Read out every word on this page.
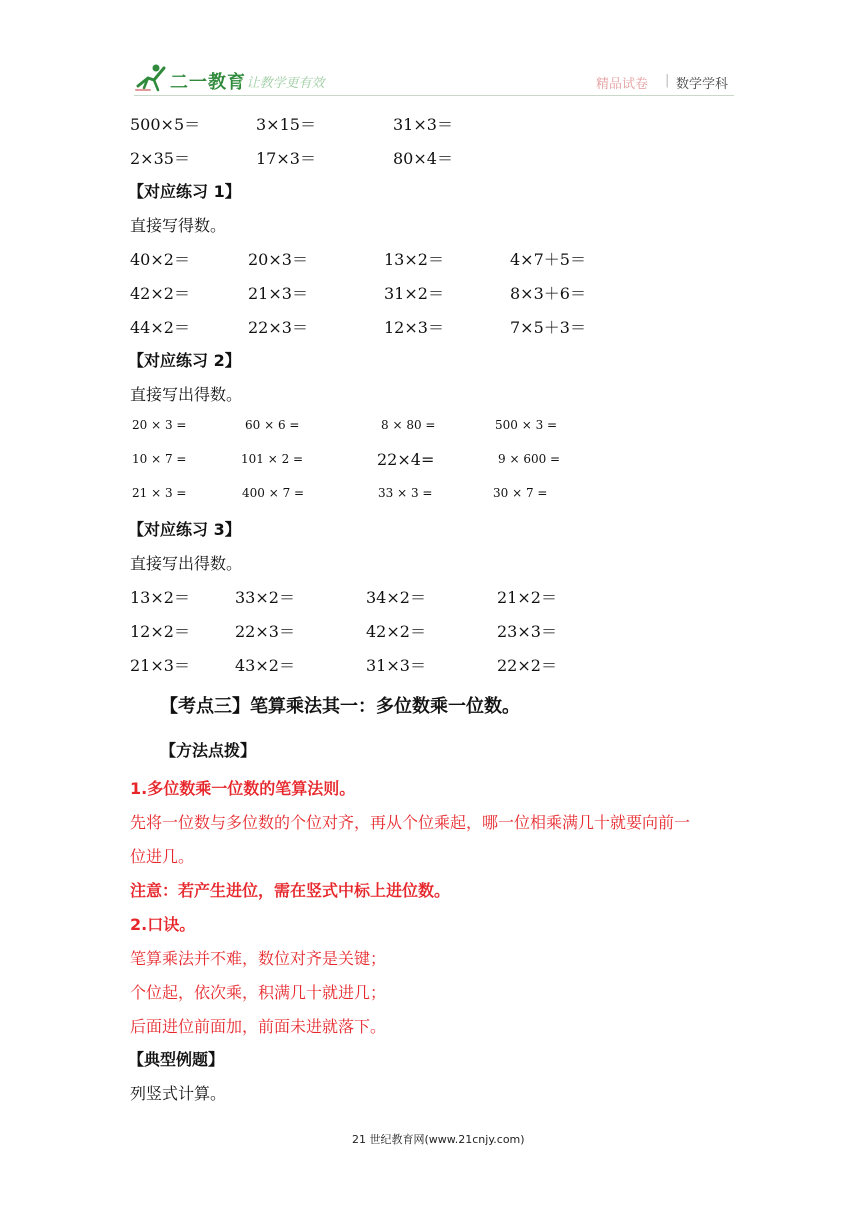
二一教育
/ 让教学更有效	精品试卷 | 数学学科
500×5＝	3×15＝	31×3＝
2×35＝	17×3＝	80×4＝
【对应练习 1】
直接写得数。
40×2＝	20×3＝	13×2＝	4×7＋5＝
42×2＝	21×3＝	31×2＝	8×3＋6＝
44×2＝	22×3＝	12×3＝	7×5＋3＝
【对应练习 2】
直接写出得数。
20 × 3 =	60 × 6 =	8 × 80 =	500 × 3 =
10 × 7 =	101 × 2 =	22×4=	9 × 600 =
21 × 3 =	400 × 7 =	33 × 3 =	30 × 7 =
【对应练习 3】
直接写出得数。
13×2＝	33×2＝	34×2＝	21×2＝
12×2＝	22×3＝	42×2＝	23×3＝
21×3＝	43×2＝	31×3＝	22×2＝
【考点三】笔算乘法其一：多位数乘一位数。
【方法点拨】
1.多位数乘一位数的笔算法则。
先将一位数与多位数的个位对齐，再从个位乘起，哪一位相乘满几十就要向前一
位进几。
注意：若产生进位，需在竖式中标上进位数。
2.口诀。
笔算乘法并不难，数位对齐是关键；
个位起，依次乘，积满几十就进几；
后面进位前面加，前面未进就落下。
【典型例题】
列竖式计算。
21 世纪教育网(www.21cnjy.com)
